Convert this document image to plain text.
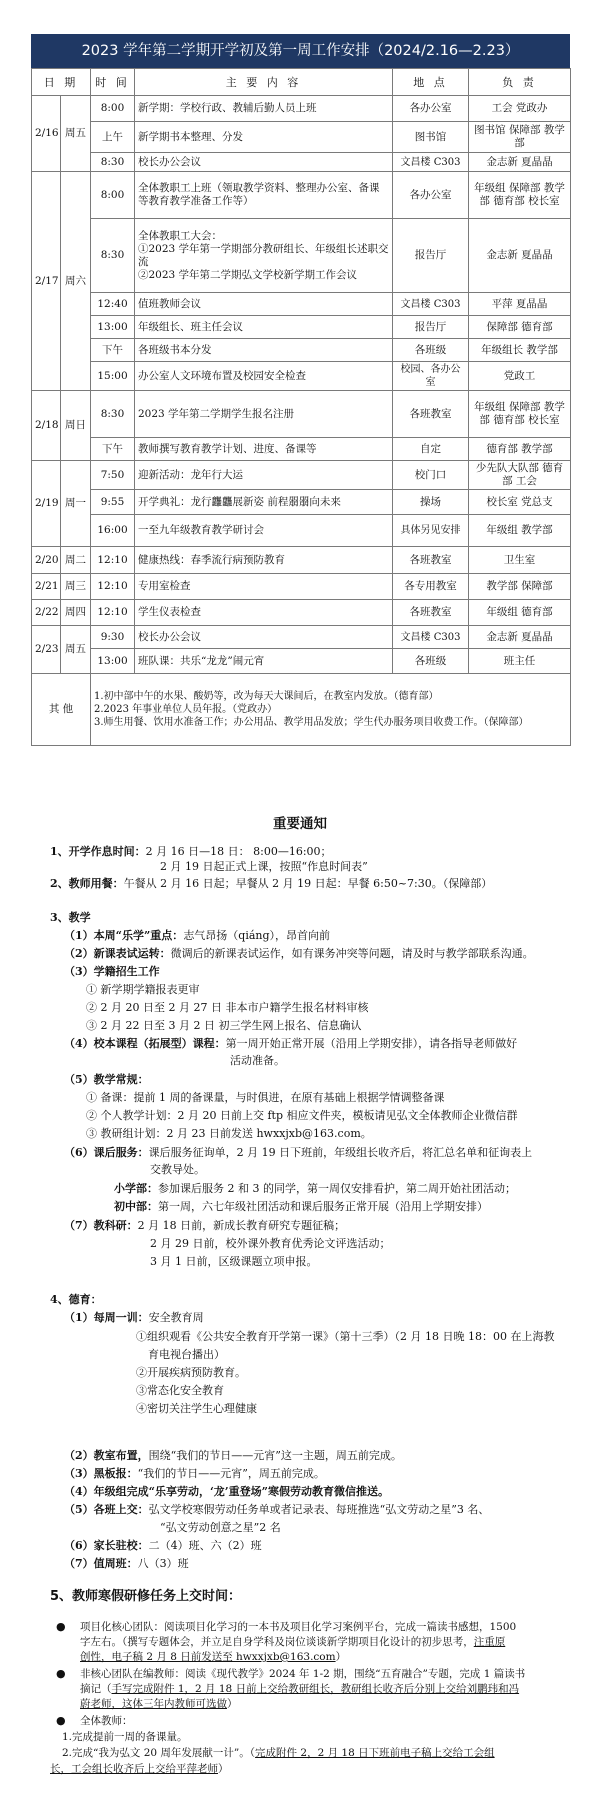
2023 学年第二学期开学初及第一周工作安排（2024/2.16—2.23）
日 期		时 间	主 要 内 容	地 点	负 责
2/16	周五	8:00	新学期：学校行政、教辅后勤人员上班	各办公室	工会 党政办
		上午	新学期书本整理、分发	图书馆	图书馆 保障部 教学部
		8:30	校长办公会议	文昌楼 C303	金志新 夏晶晶
2/17	周六	8:00	全体教职工上班（领取教学资料、整理办公室、备课等教育教学准备工作等）	各办公室	年级组 保障部 教学部 德育部 校长室
		8:30	全体教职工大会：
①2023 学年第一学期部分教研组长、年级组长述职交流
②2023 学年第二学期弘文学校新学期工作会议	报告厅	金志新 夏晶晶
		12:40	值班教师会议	文昌楼 C303	平萍 夏晶晶
		13:00	年级组长、班主任会议	报告厅	保障部 德育部
		下午	各班级书本分发	各班级	年级组长 教学部
		15:00	办公室人文环境布置及校园安全检查	校园、各办公室	党政工
2/18	周日	8:30	2023 学年第二学期学生报名注册	各班教室	年级组 保障部 教学部 德育部 校长室
		下午	教师撰写教育教学计划、进度、备课等	自定	德育部 教学部
2/19	周一	7:50	迎新活动：龙年行大运	校门口	少先队大队部 德育部 工会
		9:55	开学典礼：龙行龘龘展新姿 前程朤朤向未来	操场	校长室 党总支
		16:00	一至九年级教育教学研讨会	具体另见安排	年级组 教学部
2/20	周二	12:10	健康热线：春季流行病预防教育	各班教室	卫生室
2/21	周三	12:10	专用室检查	各专用教室	教学部 保障部
2/22	周四	12:10	学生仪表检查	各班教室	年级组 德育部
2/23	周五	9:30	校长办公会议	文昌楼 C303	金志新 夏晶晶
		13:00	班队课：共乐“龙龙”闹元宵	各班级	班主任
其 他		1.初中部中午的水果、酸奶等，改为每天大课间后，在教室内发放。（德育部）
2.2023 年事业单位人员年报。（党政办）
3.师生用餐、饮用水准备工作；办公用品、教学用品发放；学生代办服务项目收费工作。（保障部）			
重要通知
1、开学作息时间：2 月 16 日—18 日： 8:00—16:00；
2 月 19 日起正式上课，按照“作息时间表”
2、教师用餐：午餐从 2 月 16 日起；早餐从 2 月 19 日起：早餐 6:50~7:30。（保障部）
3、教学
（1）本周“乐学”重点：志气昂扬（qiáng），昂首向前
（2）新课表试运转：微调后的新课表试运作，如有课务冲突等问题，请及时与教学部联系沟通。
（3）学籍招生工作
① 新学期学籍报表更审
② 2 月 20 日至 2 月 27 日 非本市户籍学生报名材料审核
③ 2 月 22 日至 3 月 2 日 初三学生网上报名、信息确认
（4）校本课程（拓展型）课程：第一周开始正常开展（沿用上学期安排），请各指导老师做好
活动准备。
（5）教学常规：
① 备课：提前 1 周的备课量，与时俱进，在原有基础上根据学情调整备课
② 个人教学计划：2 月 20 日前上交 ftp 相应文件夹，模板请见弘文全体教师企业微信群
③ 教研组计划：2 月 23 日前发送 hwxxjxb@163.com。
（6）课后服务：课后服务征询单，2 月 19 日下班前，年级组长收齐后，将汇总名单和征询表上
交教导处。
小学部：参加课后服务 2 和 3 的同学，第一周仅安排看护，第二周开始社团活动；
初中部：第一周，六七年级社团活动和课后服务正常开展（沿用上学期安排）
（7）教科研：2 月 18 日前，新成长教育研究专题征稿；
2 月 29 日前，校外课外教育优秀论文评选活动；
3 月 1 日前，区级课题立项申报。
4、德育：
（1）每周一训：安全教育周
①组织观看《公共安全教育开学第一课》（第十三季）（2 月 18 日晚 18：00 在上海教
育电视台播出）
②开展疾病预防教育。
③常态化安全教育
④密切关注学生心理健康
（2）教室布置，围绕“我们的节日——元宵”这一主题，周五前完成。
（3）黑板报：“我们的节日——元宵”，周五前完成。
（4）年级组完成“乐享劳动，‘龙’重登场”寒假劳动教育微信推送。
（5）各班上交：弘文学校寒假劳动任务单或者记录表、每班推选“弘文劳动之星”3 名、
“弘文劳动创意之星”2 名
（6）家长驻校：二（4）班、六（2）班
（7）值周班：八（3）班
5、教师寒假研修任务上交时间：
● 项目化核心团队：阅读项目化学习的一本书及项目化学习案例平台，完成一篇读书感想，1500
字左右。（撰写专题体会，并立足自身学科及岗位谈谈新学期项目化设计的初步思考，注重原
创性，电子稿 2 月 8 日前发送至 hwxxjxb@163.com）
● 非核心团队在编教师：阅读《现代教学》2024 年 1-2 期，围绕“五育融合”专题，完成 1 篇读书
摘记（手写完成附件 1，2 月 18 日前上交给教研组长，教研组长收齐后分别上交给刘鹏玮和冯
蔚老师，这体三年内教师可选做）
● 全体教师：
1.完成提前一周的备课量。
2.完成“我为弘文 20 周年发展献一计”。（完成附件 2，2 月 18 日下班前电子稿上交给工会组
长，工会组长收齐后上交给平萍老师）
